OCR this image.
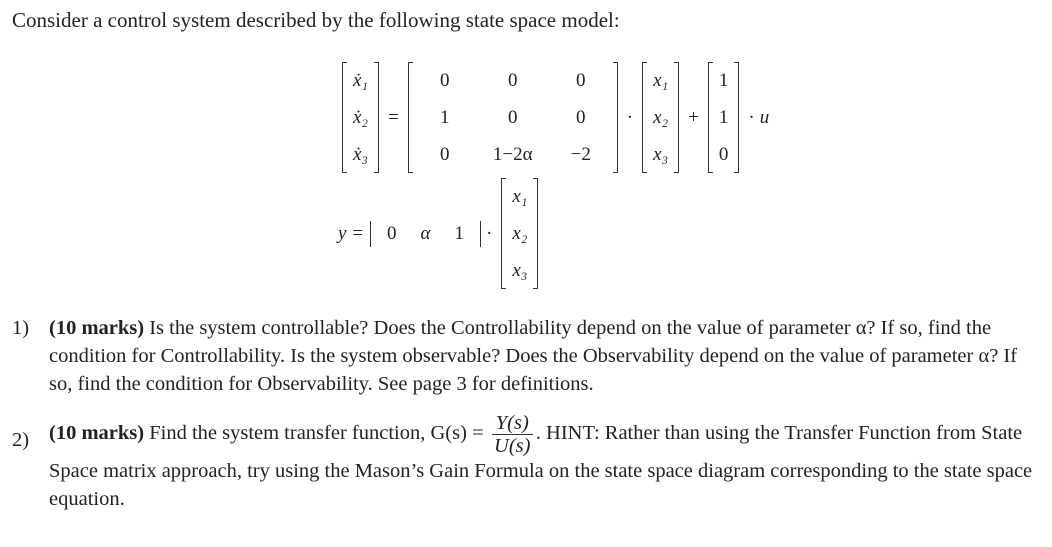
Consider a control system described by the following state space model:
ẋ₁
ẋ₂
ẋ₃
=
0	0	0
1	0	0
0	1−2α	−2
·
x₁
x₂
x₃
+
1
1
0
· u
y = 0 α 1 ·
x₁
x₂
x₃
1) (10 marks) Is the system controllable? Does the Controllability depend on the value of parameter α? If so, find the condition for Controllability. Is the system observable? Does the Observability depend on the value of parameter α? If so, find the condition for Observability. See page 3 for definitions.
2) (10 marks) Find the system transfer function, $G(s) = \frac{Y(s)}{U(s)}$ . HINT: Rather than using the Transfer Function from State Space matrix approach, try using the Mason’s Gain Formula on the state space diagram corresponding to the state space equation.
